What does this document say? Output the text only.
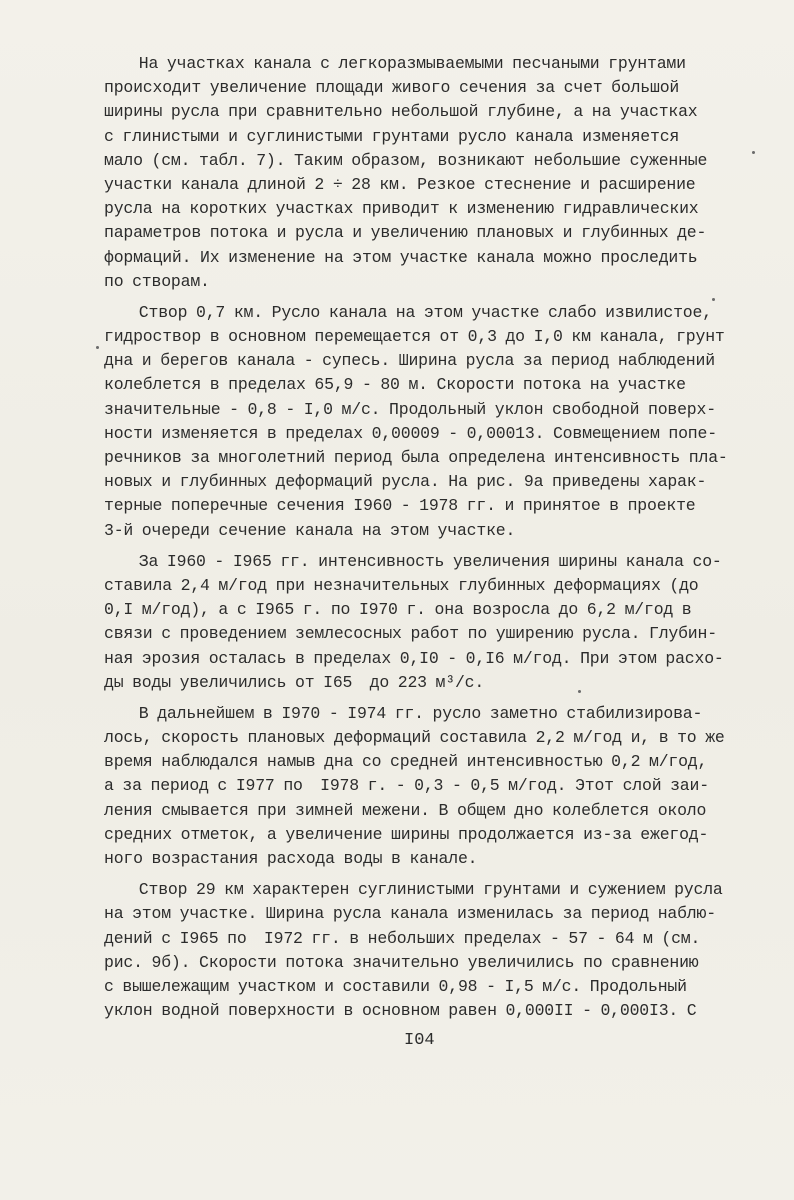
На участках канала с легкоразмываемыми песчаными грунтами
происходит увеличение площади живого сечения за счет большой
ширины русла при сравнительно небольшой глубине, а на участках
с глинистыми и суглинистыми грунтами русло канала изменяется
мало (см. табл. 7). Таким образом, возникают небольшие суженные
участки канала длиной 2 ÷ 28 км. Резкое стеснение и расширение
русла на коротких участках приводит к изменению гидравлических
параметров потока и русла и увеличению плановых и глубинных де-
формаций. Их изменение на этом участке канала можно проследить
по створам.
Створ 0,7 км. Русло канала на этом участке слабо извилистое,
гидроствор в основном перемещается от 0,3 до I,0 км канала, грунт
дна и берегов канала - супесь. Ширина русла за период наблюдений
колеблется в пределах 65,9 - 80 м. Скорости потока на участке
значительные - 0,8 - I,0 м/с. Продольный уклон свободной поверх-
ности изменяется в пределах 0,00009 - 0,00013. Совмещением попе-
речников за многолетний период была определена интенсивность пла-
новых и глубинных деформаций русла. На рис. 9а приведены харак-
терные поперечные сечения I960 - 1978 гг. и принятое в проекте
3-й очереди сечение канала на этом участке.
За I960 - I965 гг. интенсивность увеличения ширины канала со-
ставила 2,4 м/год при незначительных глубинных деформациях (до
0,I м/год), а с I965 г. по I970 г. она возросла до 6,2 м/год в
связи с проведением землесосных работ по уширению русла. Глубин-
ная эрозия осталась в пределах 0,I0 - 0,I6 м/год. При этом расхо-
ды воды увеличились от I65  до 223 м³/с.
В дальнейшем в I970 - I974 гг. русло заметно стабилизирова-
лось, скорость плановых деформаций составила 2,2 м/год и, в то же
время наблюдался намыв дна со средней интенсивностью 0,2 м/год,
а за период с I977 по  I978 г. - 0,3 - 0,5 м/год. Этот слой заи-
ления смывается при зимней межени. В общем дно колеблется около
средних отметок, а увеличение ширины продолжается из-за ежегод-
ного возрастания расхода воды в канале.
Створ 29 км характерен суглинистыми грунтами и сужением русла
на этом участке. Ширина русла канала изменилась за период наблю-
дений с I965 по  I972 гг. в небольших пределах - 57 - 64 м (см.
рис. 9б). Скорости потока значительно увеличились по сравнению
с вышележащим участком и составили 0,98 - I,5 м/с. Продольный
уклон водной поверхности в основном равен 0,000II - 0,000I3. С
I04
